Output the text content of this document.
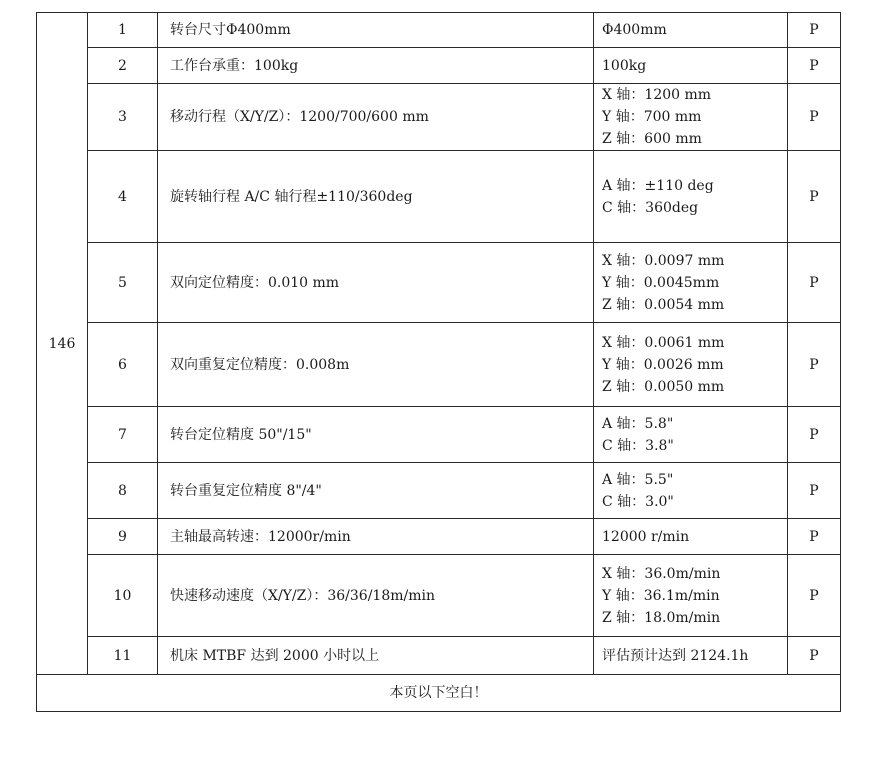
146	1	转台尺寸Φ400mm	Φ400mm	P
	2	工作台承重：100kg	100kg	P
	3	移动行程（X/Y/Z）：1200/700/600 mm	X 轴：1200 mm
Y 轴：700 mm
Z 轴：600 mm	P
	4	旋转轴行程 A/C 轴行程±110/360deg	A 轴：±110 deg
C 轴：360deg	P
	5	双向定位精度：0.010 mm	X 轴：0.0097 mm
Y 轴：0.0045mm
Z 轴：0.0054 mm	P
	6	双向重复定位精度：0.008m	X 轴：0.0061 mm
Y 轴：0.0026 mm
Z 轴：0.0050 mm	P
	7	转台定位精度 50"/15"	A 轴：5.8"
C 轴：3.8"	P
	8	转台重复定位精度 8"/4"	A 轴：5.5"
C 轴：3.0"	P
	9	主轴最高转速：12000r/min	12000 r/min	P
	10	快速移动速度（X/Y/Z）：36/36/18m/min	X 轴：36.0m/min
Y 轴：36.1m/min
Z 轴：18.0m/min	P
	11	机床 MTBF 达到 2000 小时以上	评估预计达到 2124.1h	P
本页以下空白！				
